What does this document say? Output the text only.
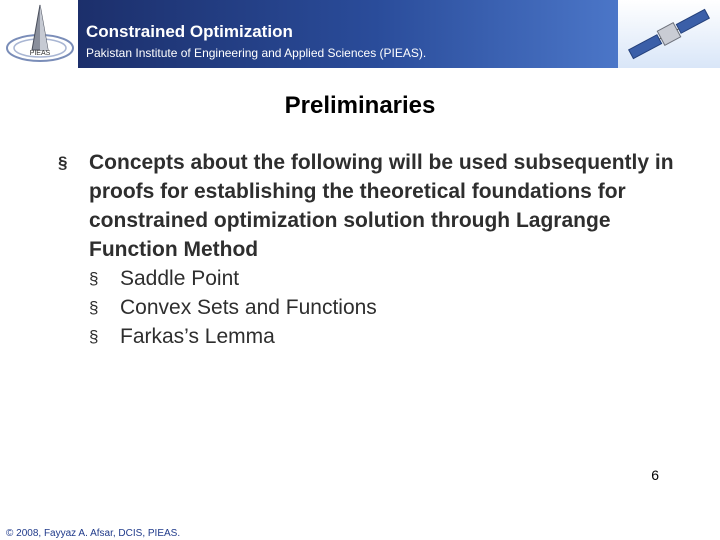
PIEAS
Constrained Optimization
Pakistan Institute of Engineering and Applied Sciences (PIEAS).
Preliminaries
§ Concepts about the following will be used subsequently in proofs for establishing the theoretical foundations for constrained optimization solution through Lagrange Function Method
§ Saddle Point
§ Convex Sets and Functions
§ Farkas’s Lemma
6
© 2008, Fayyaz A. Afsar, DCIS, PIEAS.
